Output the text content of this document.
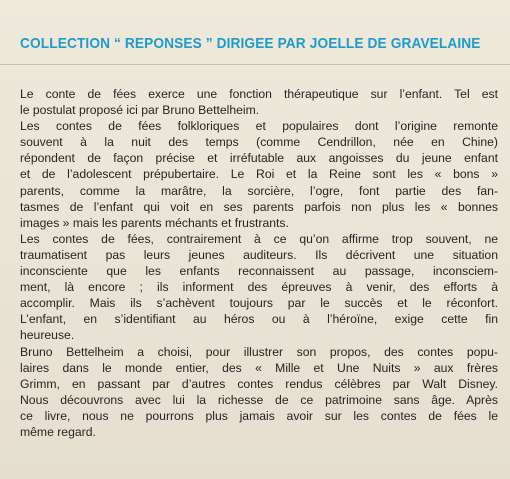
COLLECTION “ REPONSES ” DIRIGEE PAR JOELLE DE GRAVELAINE
Le conte de fées exerce une fonction thérapeutique sur l’enfant. Tel est
le postulat proposé ici par Bruno Bettelheim.
Les contes de fées folkloriques et populaires dont l’origine remonte
souvent à la nuit des temps (comme Cendrillon, née en Chine)
répondent de façon précise et irréfutable aux angoisses du jeune enfant
et de l’adolescent prépubertaire. Le Roi et la Reine sont les « bons »
parents, comme la marâtre, la sorcière, l’ogre, font partie des fan-
tasmes de l’enfant qui voit en ses parents parfois non plus les « bonnes
images » mais les parents méchants et frustrants.
Les contes de fées, contrairement à ce qu’on affirme trop souvent, ne
traumatisent pas leurs jeunes auditeurs. Ils décrivent une situation
inconsciente que les enfants reconnaissent au passage, inconsciem-
ment, là encore ; ils informent des épreuves à venir, des efforts à
accomplir. Mais ils s’achèvent toujours par le succès et le réconfort.
L’enfant, en s’identifiant au héros ou à l’héroïne, exige cette fin
heureuse.
Bruno Bettelheim a choisi, pour illustrer son propos, des contes popu-
laires dans le monde entier, des « Mille et Une Nuits » aux frères
Grimm, en passant par d’autres contes rendus célèbres par Walt Disney.
Nous découvrons avec lui la richesse de ce patrimoine sans âge. Après
ce livre, nous ne pourrons plus jamais avoir sur les contes de fées le
même regard.
